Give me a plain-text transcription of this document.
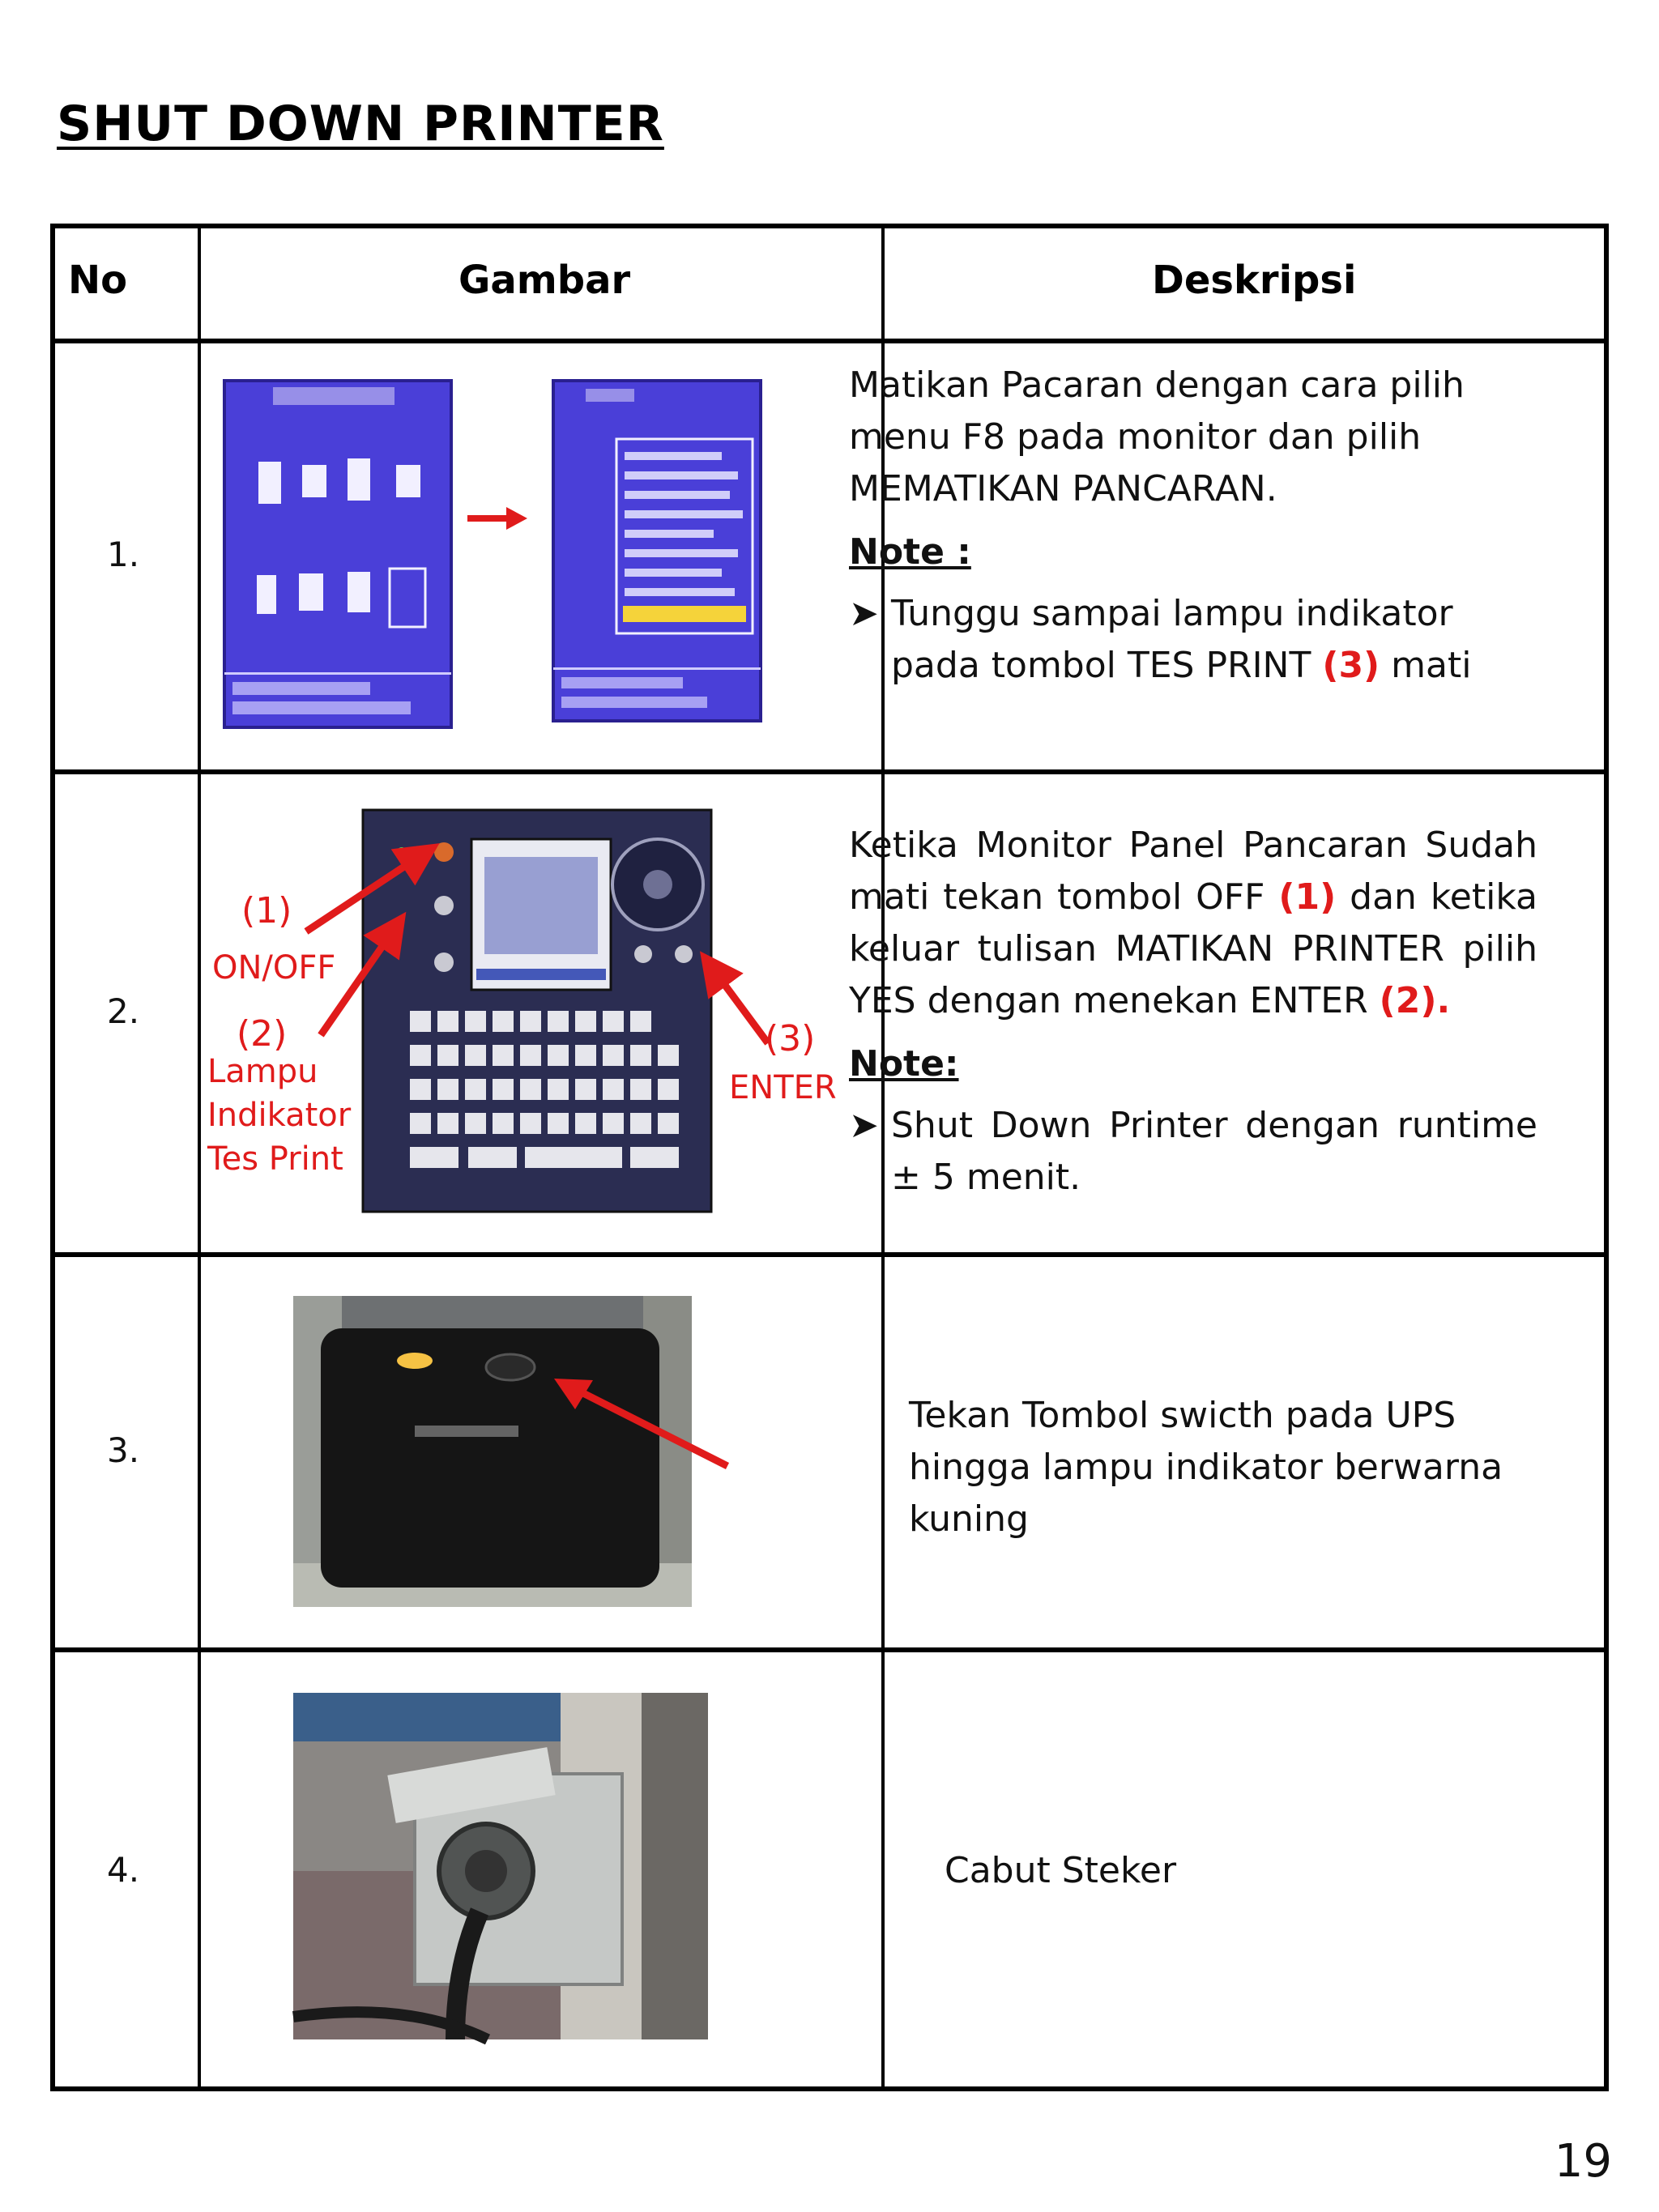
SHUT DOWN PRINTER
No	Gambar	Deskripsi
1.
2.
3.
4.

Matikan Pacaran dengan cara pilih menu F8 pada monitor dan pilih MEMATIKAN PANCARAN.

Note :

➤ Tunggu sampai lampu indikator pada tombol TES PRINT (3) mati
(1)
ON/OFF
(2)
Lampu
Indikator
Tes Print
(3)
ENTER

Ketika Monitor Panel Pancaran Sudah mati tekan tombol OFF (1) dan ketika keluar tulisan MATIKAN PRINTER pilih YES dengan menekan ENTER (2).

Note:

➤ Shut Down Printer dengan runtime ± 5 menit.

Tekan Tombol swicth pada UPS hingga lampu indikator berwarna kuning

Cabut Steker

19
